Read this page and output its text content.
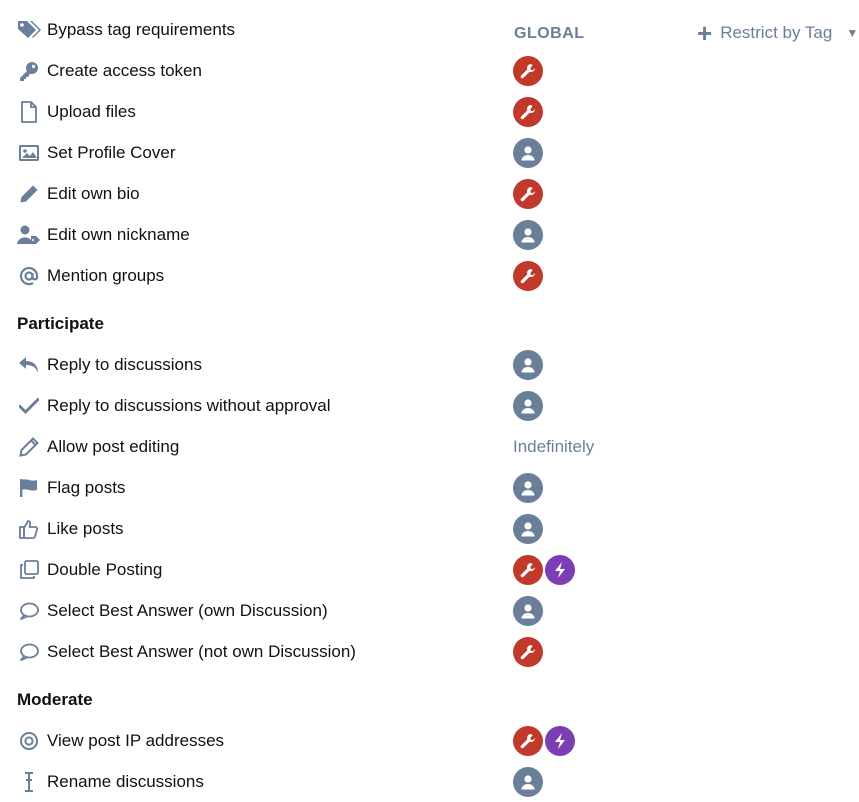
GLOBAL	+ Restrict by Tag ▼
Bypass tag requirements
Create access token
Upload files
Set Profile Cover
Edit own bio
Edit own nickname
Mention groups
Participate
Reply to discussions
Reply to discussions without approval
Allow post editing	Indefinitely
Flag posts
Like posts
Double Posting
Select Best Answer (own Discussion)
Select Best Answer (not own Discussion)
Moderate
View post IP addresses
Rename discussions
